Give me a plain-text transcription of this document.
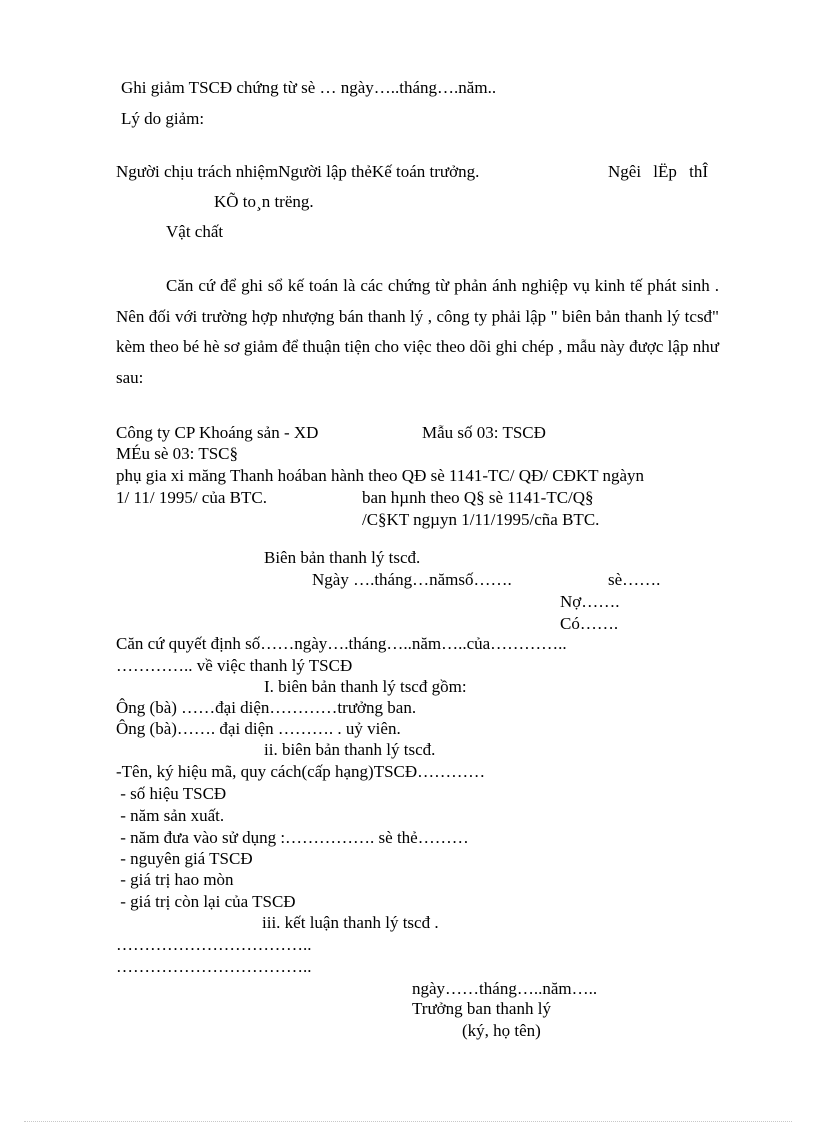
Ghi giảm TSCĐ chứng từ sè … ngày…..tháng….năm..
Lý do giảm:
Người chịu trách nhiệmNgười lập thẻKế toán trưởng.	Ngêi lËp thÎ
KÕ to¸n trëng.
Vật chất
Căn cứ để ghi sổ kế toán là các chứng từ phản ánh nghiệp vụ kinh tế phát sinh . Nên đối với trường hợp nhượng bán thanh lý , công ty phải lập " biên bản thanh lý tcsđ" kèm theo bé hè sơ giảm để thuận tiện cho việc theo dõi ghi chép , mẫu này được lập như sau:
Công ty CP Khoáng sản - XD	Mẫu số 03: TSCĐ
MÉu sè 03: TSC§
phụ gia xi măng Thanh hoában hành theo QĐ sè 1141-TC/ QĐ/ CĐKT ngàyn
1/ 11/ 1995/ của BTC.	ban hµnh theo Q§ sè 1141-TC/Q§
/C§KT ngµyn 1/11/1995/cña BTC.
Biên bản thanh lý tscđ.
Ngày ….tháng…nămsố…….	sè…….
Nợ…….
Có…….
Căn cứ quyết định số……ngày….tháng…..năm…..của…………..
………….. về việc thanh lý TSCĐ
I. biên bản thanh lý tscđ gồm:
Ông (bà) ……đại diện…………trưởng ban.
Ông (bà)……. đại diện ………. . uỷ viên.
ii. biên bản thanh lý tscđ.
-Tên, ký hiệu mã, quy cách(cấp hạng)TSCĐ…………
- số hiệu TSCĐ
- năm sản xuất.
- năm đưa vào sử dụng :……………. sè thẻ………
- nguyên giá TSCĐ
- giá trị hao mòn
- giá trị còn lại của TSCĐ
iii. kết luận thanh lý tscđ .
……………………………..
……………………………..
ngày……tháng…..năm…..
Trưởng ban thanh lý
(ký, họ tên)
